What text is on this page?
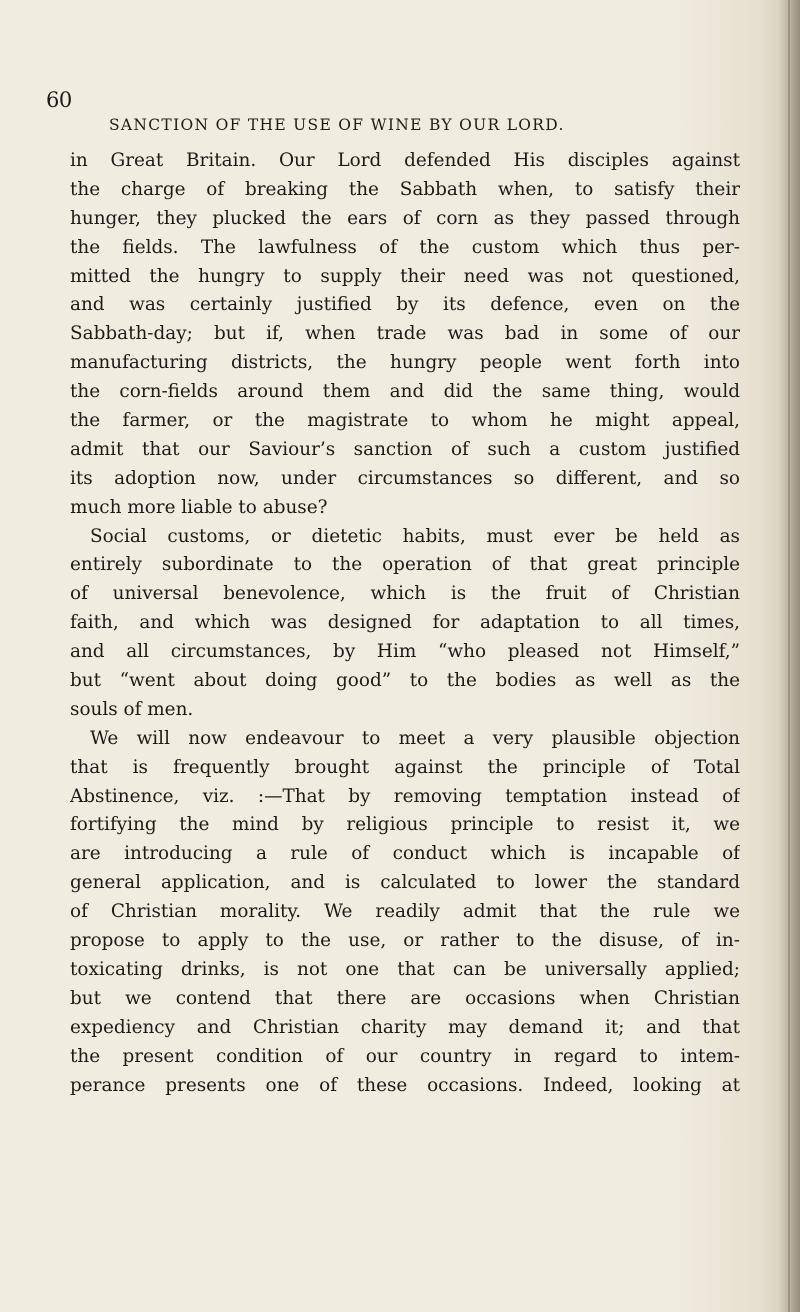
60
SANCTION OF THE USE OF WINE BY OUR LORD.
in Great Britain. Our Lord defended His disciples against
the charge of breaking the Sabbath when, to satisfy their
hunger, they plucked the ears of corn as they passed through
the fields. The lawfulness of the custom which thus per-
mitted the hungry to supply their need was not questioned,
and was certainly justified by its defence, even on the
Sabbath-day; but if, when trade was bad in some of our
manufacturing districts, the hungry people went forth into
the corn-fields around them and did the same thing, would
the farmer, or the magistrate to whom he might appeal,
admit that our Saviour’s sanction of such a custom justified
its adoption now, under circumstances so different, and so
much more liable to abuse?
Social customs, or dietetic habits, must ever be held as
entirely subordinate to the operation of that great principle
of universal benevolence, which is the fruit of Christian
faith, and which was designed for adaptation to all times,
and all circumstances, by Him “who pleased not Himself,”
but “went about doing good” to the bodies as well as the
souls of men.
We will now endeavour to meet a very plausible objection
that is frequently brought against the principle of Total
Abstinence, viz. :—That by removing temptation instead of
fortifying the mind by religious principle to resist it, we
are introducing a rule of conduct which is incapable of
general application, and is calculated to lower the standard
of Christian morality. We readily admit that the rule we
propose to apply to the use, or rather to the disuse, of in-
toxicating drinks, is not one that can be universally applied;
but we contend that there are occasions when Christian
expediency and Christian charity may demand it; and that
the present condition of our country in regard to intem-
perance presents one of these occasions. Indeed, looking at
